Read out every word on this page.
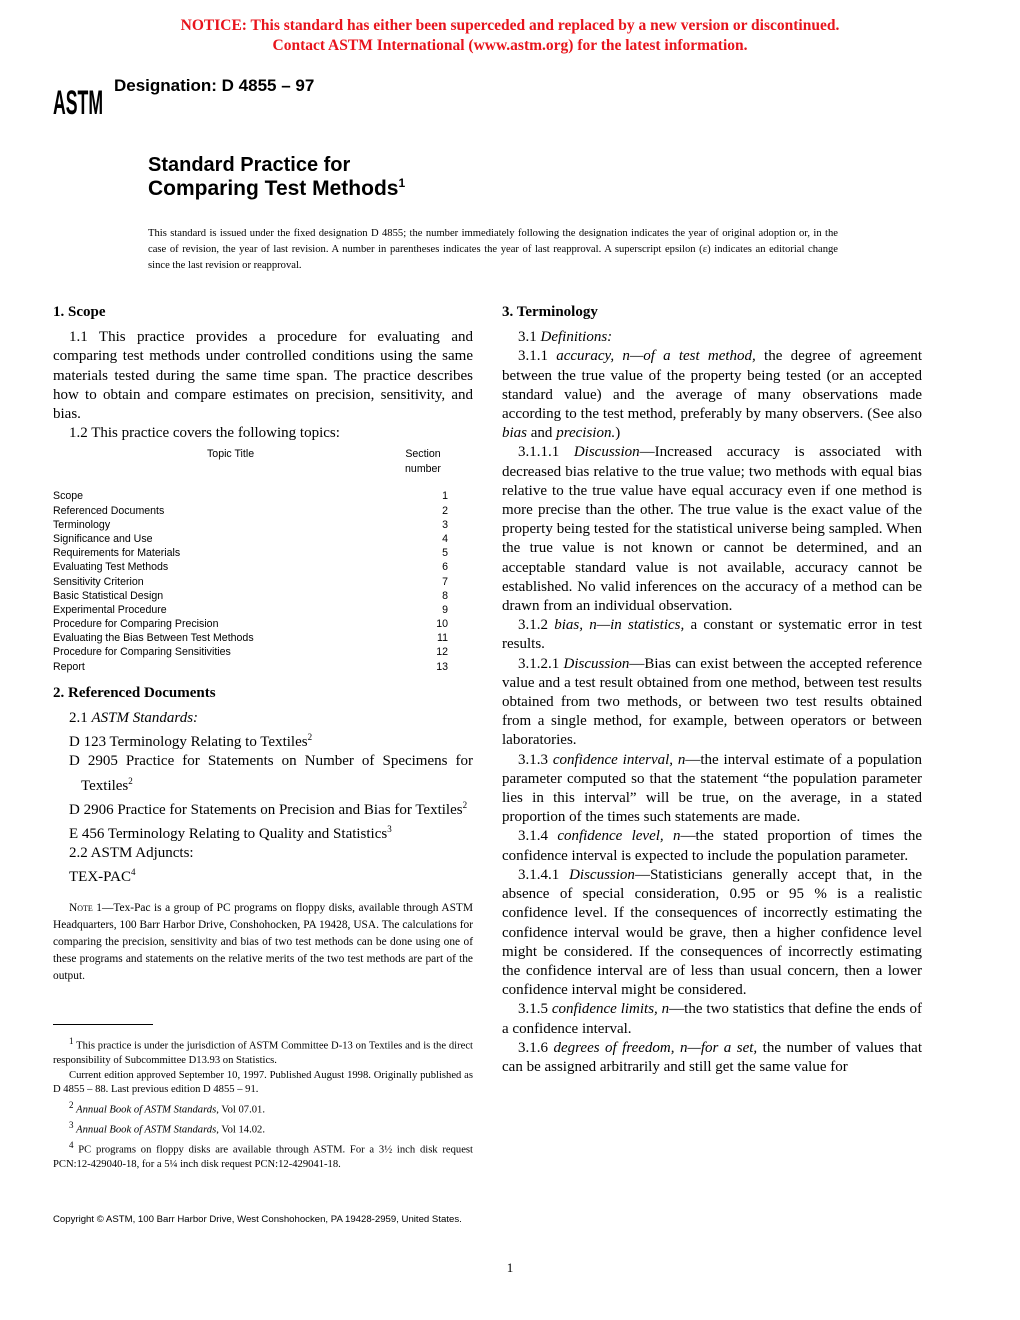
NOTICE: This standard has either been superceded and replaced by a new version or discontinued.
Contact ASTM International (www.astm.org) for the latest information.
ASTM Designation: D 4855 – 97
Standard Practice for
Comparing Test Methods$^1$
This standard is issued under the fixed designation D 4855; the number immediately following the designation indicates the year of original adoption or, in the case of revision, the year of last revision. A number in parentheses indicates the year of last reapproval. A superscript epsilon (ε) indicates an editorial change since the last revision or reapproval.
1. Scope
1.1 This practice provides a procedure for evaluating and comparing test methods under controlled conditions using the same materials tested during the same time span. The practice describes how to obtain and compare estimates on precision, sensitivity, and bias.
1.2 This practice covers the following topics:
Topic Title	Section
number
Scope	1
Referenced Documents	2
Terminology	3
Significance and Use	4
Requirements for Materials	5
Evaluating Test Methods	6
Sensitivity Criterion	7
Basic Statistical Design	8
Experimental Procedure	9
Procedure for Comparing Precision	10
Evaluating the Bias Between Test Methods	11
Procedure for Comparing Sensitivities	12
Report	13
2. Referenced Documents
2.1 ASTM Standards:
D 123 Terminology Relating to Textiles$^2$
D 2905 Practice for Statements on Number of Specimens for Textiles$^2$
D 2906 Practice for Statements on Precision and Bias for Textiles$^2$
E 456 Terminology Relating to Quality and Statistics$^3$
2.2 ASTM Adjuncts:
TEX-PAC$^4$
Note 1—Tex-Pac is a group of PC programs on floppy disks, available through ASTM Headquarters, 100 Barr Harbor Drive, Conshohocken, PA 19428, USA. The calculations for comparing the precision, sensitivity and bias of two test methods can be done using one of these programs and statements on the relative merits of the two test methods are part of the output.
$^1$ This practice is under the jurisdiction of ASTM Committee D-13 on Textiles and is the direct responsibility of Subcommittee D13.93 on Statistics.
Current edition approved September 10, 1997. Published August 1998. Originally published as D 4855 – 88. Last previous edition D 4855 – 91.
$^2$ Annual Book of ASTM Standards, Vol 07.01.
$^3$ Annual Book of ASTM Standards, Vol 14.02.
$^4$ PC programs on floppy disks are available through ASTM. For a 3½ inch disk request PCN:12-429040-18, for a 5¼ inch disk request PCN:12-429041-18.
3. Terminology
3.1 Definitions:
3.1.1 accuracy, n—of a test method, the degree of agreement between the true value of the property being tested (or an accepted standard value) and the average of many observations made according to the test method, preferably by many observers. (See also bias and precision.)
3.1.1.1 Discussion—Increased accuracy is associated with decreased bias relative to the true value; two methods with equal bias relative to the true value have equal accuracy even if one method is more precise than the other. The true value is the exact value of the property being tested for the statistical universe being sampled. When the true value is not known or cannot be determined, and an acceptable standard value is not available, accuracy cannot be established. No valid inferences on the accuracy of a method can be drawn from an individual observation.
3.1.2 bias, n—in statistics, a constant or systematic error in test results.
3.1.2.1 Discussion—Bias can exist between the accepted reference value and a test result obtained from one method, between test results obtained from two methods, or between two test results obtained from a single method, for example, between operators or between laboratories.
3.1.3 confidence interval, n—the interval estimate of a population parameter computed so that the statement “the population parameter lies in this interval” will be true, on the average, in a stated proportion of the times such statements are made.
3.1.4 confidence level, n—the stated proportion of times the confidence interval is expected to include the population parameter.
3.1.4.1 Discussion—Statisticians generally accept that, in the absence of special consideration, 0.95 or 95 % is a realistic confidence level. If the consequences of incorrectly estimating the confidence interval would be grave, then a higher confidence level might be considered. If the consequences of incorrectly estimating the confidence interval are of less than usual concern, then a lower confidence interval might be considered.
3.1.5 confidence limits, n—the two statistics that define the ends of a confidence interval.
3.1.6 degrees of freedom, n—for a set, the number of values that can be assigned arbitrarily and still get the same value for
Copyright © ASTM, 100 Barr Harbor Drive, West Conshohocken, PA 19428-2959, United States.
1
